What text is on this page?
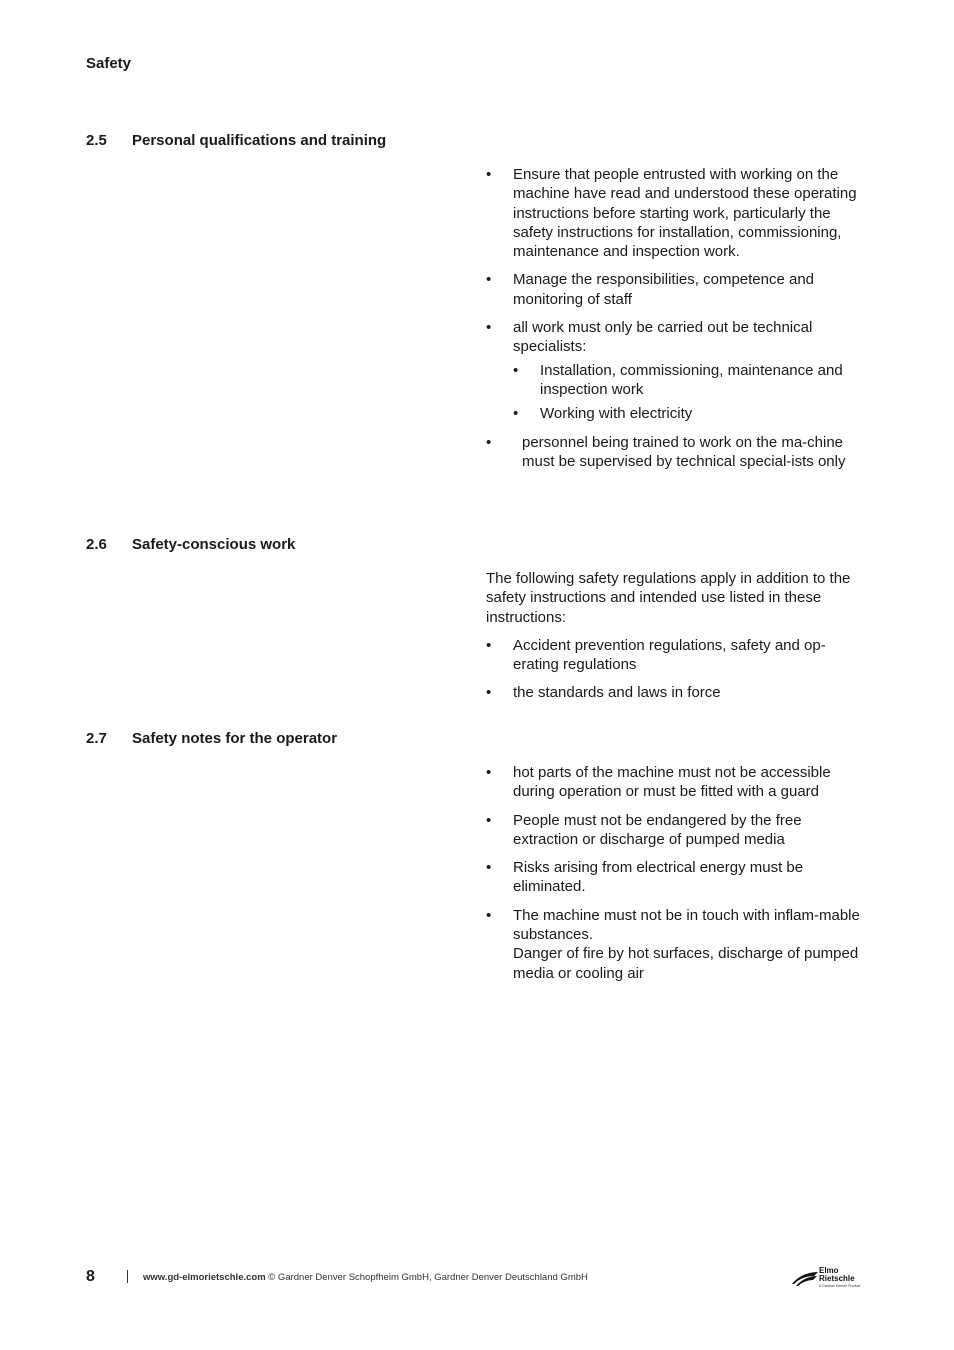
Safety
2.5 Personal qualifications and training
• Ensure that people entrusted with working on the machine have read and understood these operating instructions before starting work, particularly the safety instructions for installation, commissioning, maintenance and inspection work.
• Manage the responsibilities, competence and monitoring of staff
• all work must only be carried out be technical specialists:
• Installation, commissioning, maintenance and inspection work
• Working with electricity
• personnel being trained to work on the ma-chine must be supervised by technical special-ists only
2.6 Safety-conscious work

The following safety regulations apply in addition to the safety instructions and intended use listed in these instructions:

• Accident prevention regulations, safety and op-erating regulations
• the standards and laws in force
2.7 Safety notes for the operator
• hot parts of the machine must not be accessible during operation or must be fitted with a guard
• People must not be endangered by the free extraction or discharge of pumped media
• Risks arising from electrical energy must be eliminated.
• The machine must not be in touch with inflam-mable substances.
Danger of fire by hot surfaces, discharge of pumped media or cooling air
8	www.gd-elmorietschle.com © Gardner Denver Schopfheim GmbH, Gardner Denver Deutschland GmbH
Elmo
Rietschle
A Gardner Denver Product
